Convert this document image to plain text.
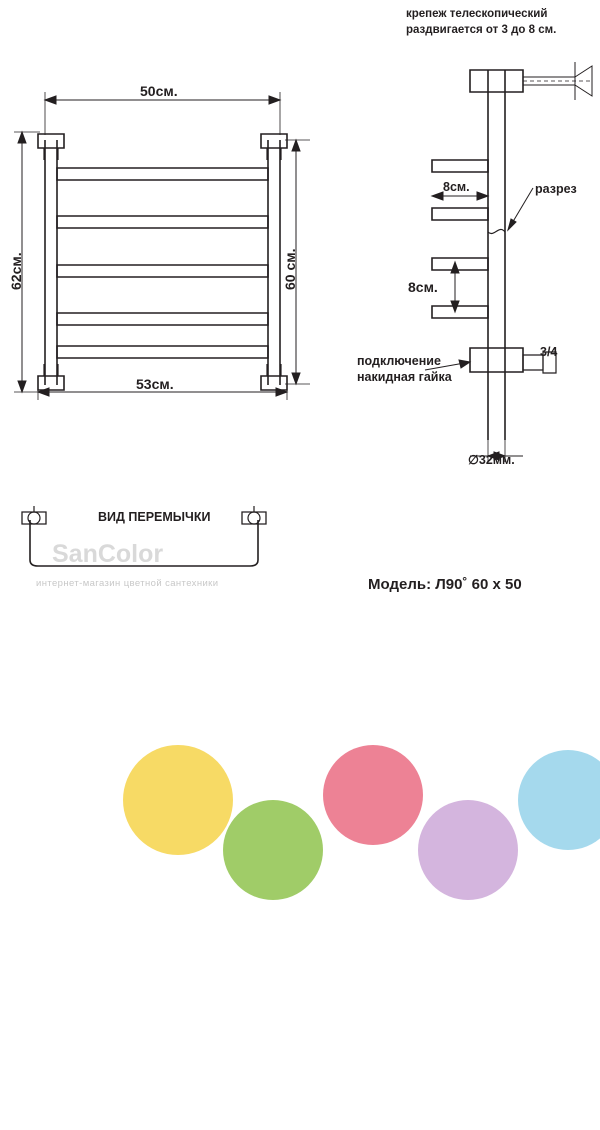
50см.
53см.
62см.	60 см.
крепеж телескопический
раздвигается от 3 до 8 см.
8см.	разрез
8см.
подключение
накидная гайка
3/4
∅32мм.
ВИД ПЕРЕМЫЧКИ
SanColor
интернет-магазин цветной сантехники	Модель: Л90˚ 60 х 50
